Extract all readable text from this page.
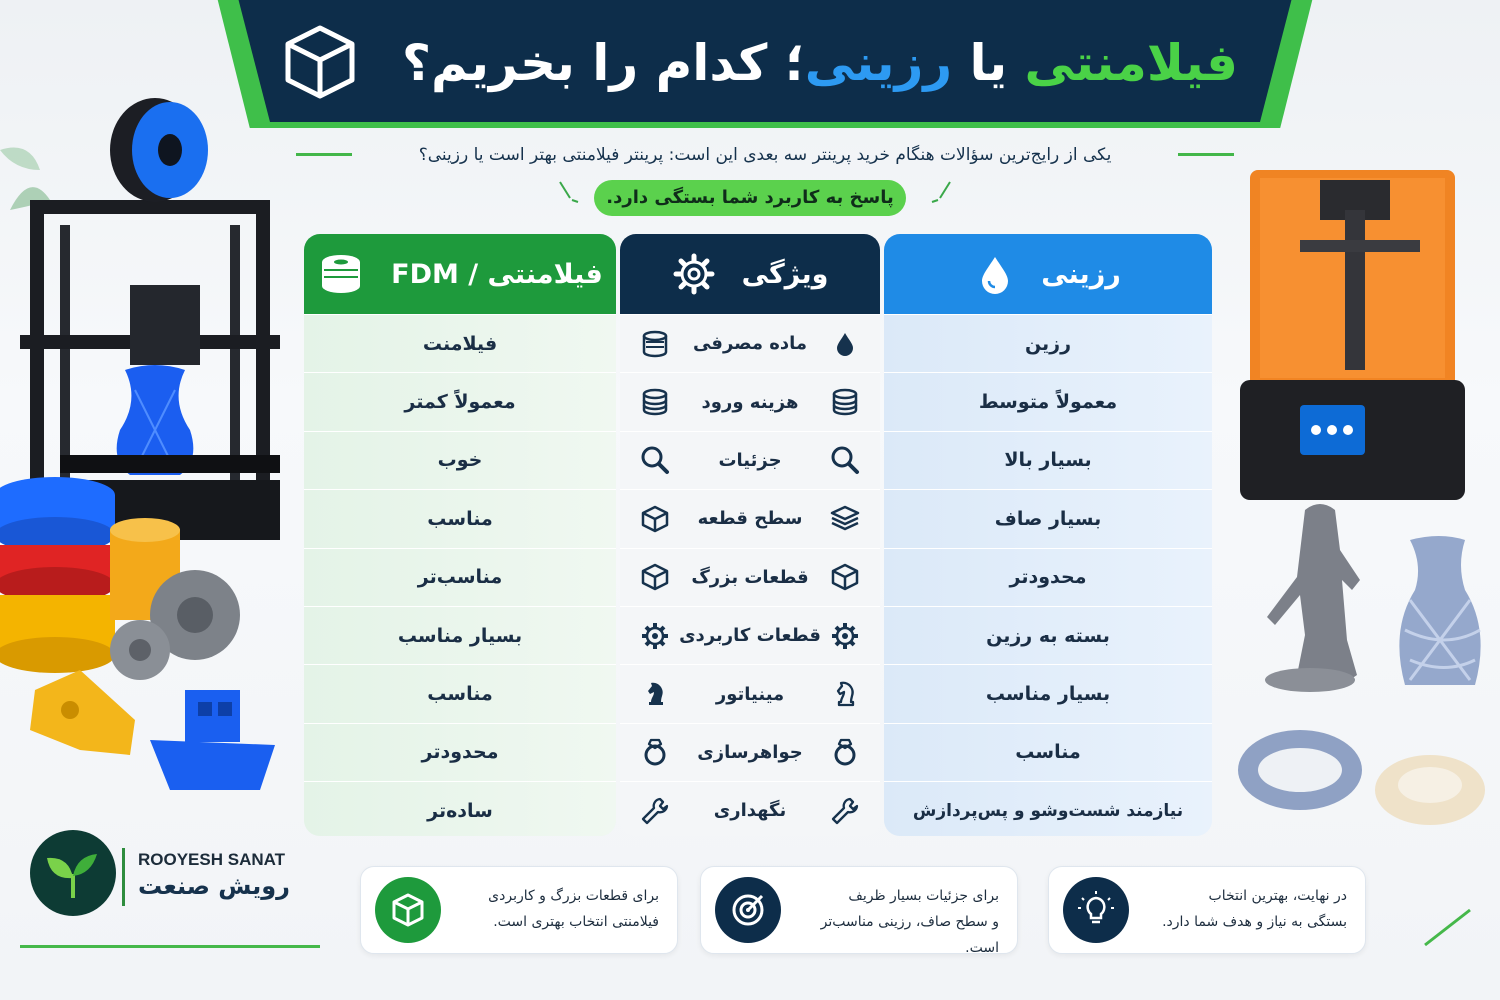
فیلامنتی یا رزینی؛ کدام را بخریم؟
یکی از رایج‌ترین سؤالات هنگام خرید پرینتر سه بعدی این است: پرینتر فیلامنتی بهتر است یا رزینی؟
پاسخ به کاربرد شما بستگی دارد.
رزینی
رزین
معمولاً متوسط
بسیار بالا
بسیار صاف
محدودتر
بسته به رزین
بسیار مناسب
مناسب
نیازمند شست‌وشو و پس‌پردازش
ویژگی
ماده مصرفی
هزینه ورود
جزئیات
سطح قطعه
قطعات بزرگ
قطعات کاربردی
مینیاتور
جواهرسازی
نگهداری
فیلامنتی / FDM
فیلامنت
معمولاً کمتر
خوب
مناسب
مناسب‌تر
بسیار مناسب
مناسب
محدودتر
ساده‌تر
در نهایت، بهترین انتخاب
بستگی به نیاز و هدف شما دارد.
برای جزئیات بسیار ظریف
و سطح صاف، رزینی مناسب‌تر است.
برای قطعات بزرگ و کاربردی
فیلامنتی انتخاب بهتری است.
ROOYESH SANAT
رویش صنعت
